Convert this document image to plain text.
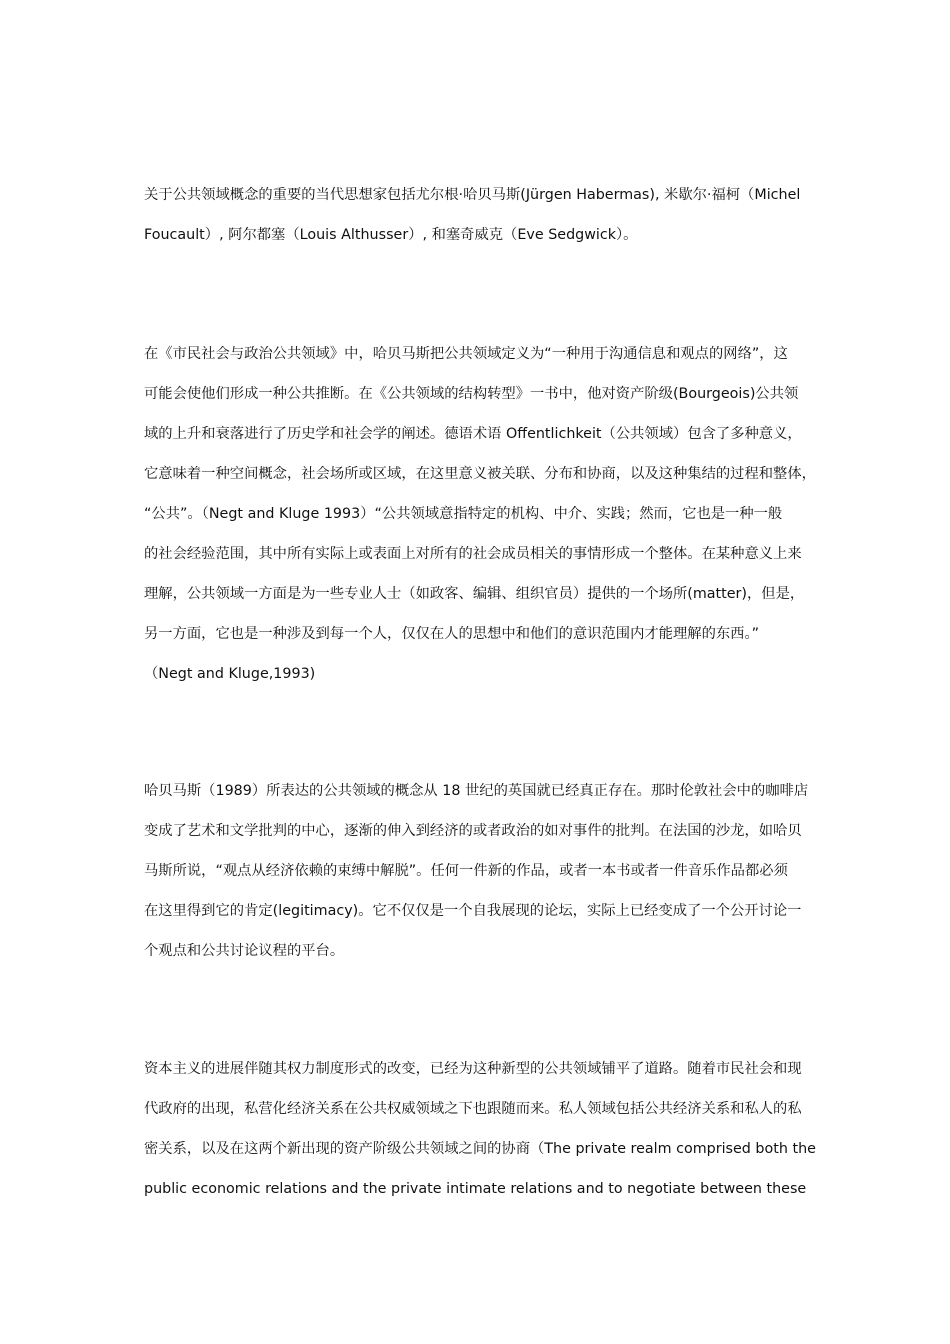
关于公共领域概念的重要的当代思想家包括尤尔根·哈贝马斯(Jürgen Habermas), 米歇尔·福柯（Michel
Foucault）, 阿尔都塞（Louis Althusser）, 和塞奇威克（Eve Sedgwick）。
在《市民社会与政治公共领域》中，哈贝马斯把公共领域定义为“一种用于沟通信息和观点的网络”，这
可能会使他们形成一种公共推断。在《公共领域的结构转型》一书中，他对资产阶级(Bourgeois)公共领
域的上升和衰落进行了历史学和社会学的阐述。德语术语 Offentlichkeit（公共领域）包含了多种意义，
它意味着一种空间概念，社会场所或区域，在这里意义被关联、分布和协商，以及这种集结的过程和整体，
“公共”。（Negt and Kluge 1993）“公共领域意指特定的机构、中介、实践；然而，它也是一种一般
的社会经验范围，其中所有实际上或表面上对所有的社会成员相关的事情形成一个整体。在某种意义上来
理解，公共领域一方面是为一些专业人士（如政客、编辑、组织官员）提供的一个场所(matter)，但是，
另一方面，它也是一种涉及到每一个人，仅仅在人的思想中和他们的意识范围内才能理解的东西。”
（Negt and Kluge,1993)
哈贝马斯（1989）所表达的公共领域的概念从 18 世纪的英国就已经真正存在。那时伦敦社会中的咖啡店
变成了艺术和文学批判的中心，逐渐的伸入到经济的或者政治的如对事件的批判。在法国的沙龙，如哈贝
马斯所说，“观点从经济依赖的束缚中解脱”。任何一件新的作品，或者一本书或者一件音乐作品都必须
在这里得到它的肯定(legitimacy)。它不仅仅是一个自我展现的论坛，实际上已经变成了一个公开讨论一
个观点和公共讨论议程的平台。
资本主义的进展伴随其权力制度形式的改变，已经为这种新型的公共领域铺平了道路。随着市民社会和现
代政府的出现，私营化经济关系在公共权威领域之下也跟随而来。私人领域包括公共经济关系和私人的私
密关系，以及在这两个新出现的资产阶级公共领域之间的协商（The private realm comprised both the
public economic relations and the private intimate relations and to negotiate between these
